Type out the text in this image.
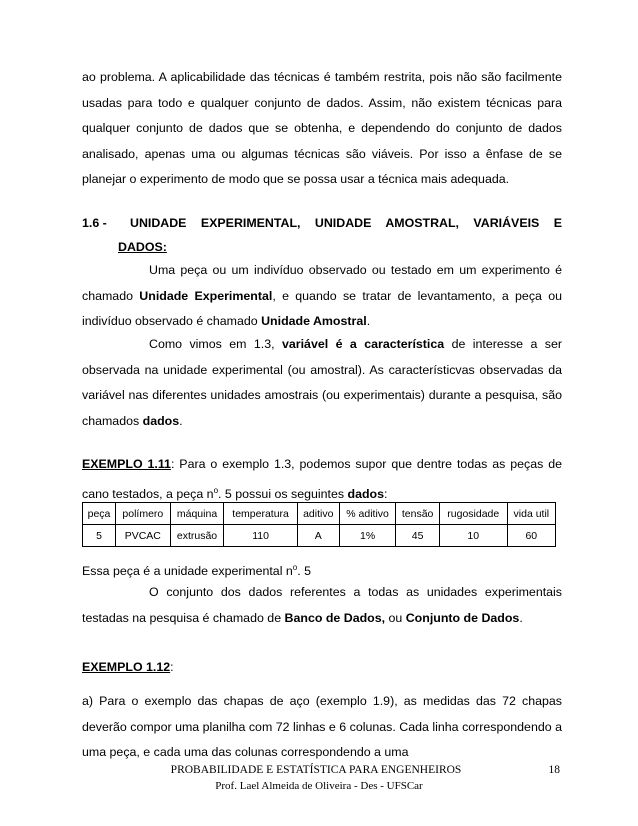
ao problema. A aplicabilidade das técnicas é também restrita, pois não são facilmente usadas para todo e qualquer conjunto de dados. Assim, não existem técnicas para qualquer conjunto de dados que se obtenha, e dependendo do conjunto de dados analisado, apenas uma ou algumas técnicas são viáveis. Por isso a ênfase de se planejar o experimento de modo que se possa usar a técnica mais adequada.

1.6 -	UNIDADE EXPERIMENTAL, UNIDADE AMOSTRAL, VARIÁVEIS E
DADOS:

Uma peça ou um indivíduo observado ou testado em um experimento é chamado Unidade Experimental, e quando se tratar de levantamento, a peça ou indivíduo observado é chamado Unidade Amostral.

Como vimos em 1.3, variável é a característica de interesse a ser observada na unidade experimental (ou amostral). As característicvas observadas da variável nas diferentes unidades amostrais (ou experimentais) durante a pesquisa, são chamados dados.

EXEMPLO 1.11: Para o exemplo 1.3, podemos supor que dentre todas as peças de cano testados, a peça $n^o$. 5 possui os seguintes dados:

peça	polímero	máquina	temperatura	aditivo	% aditivo	tensão	rugosidade	vida util
5	PVCAC	extrusão	110	A	1%	45	10	60

Essa peça é a unidade experimental $n^o$. 5

O conjunto dos dados referentes a todas as unidades experimentais testadas na pesquisa é chamado de Banco de Dados, ou Conjunto de Dados.

EXEMPLO 1.12:

a) Para o exemplo das chapas de aço (exemplo 1.9), as medidas das 72 chapas deverão compor uma planilha com 72 linhas e 6 colunas. Cada linha correspondendo a uma peça, e cada uma das colunas correspondendo a uma

PROBABILIDADE E ESTATÍSTICA PARA ENGENHEIROS	18
Prof. Lael Almeida de Oliveira - Des - UFSCar
